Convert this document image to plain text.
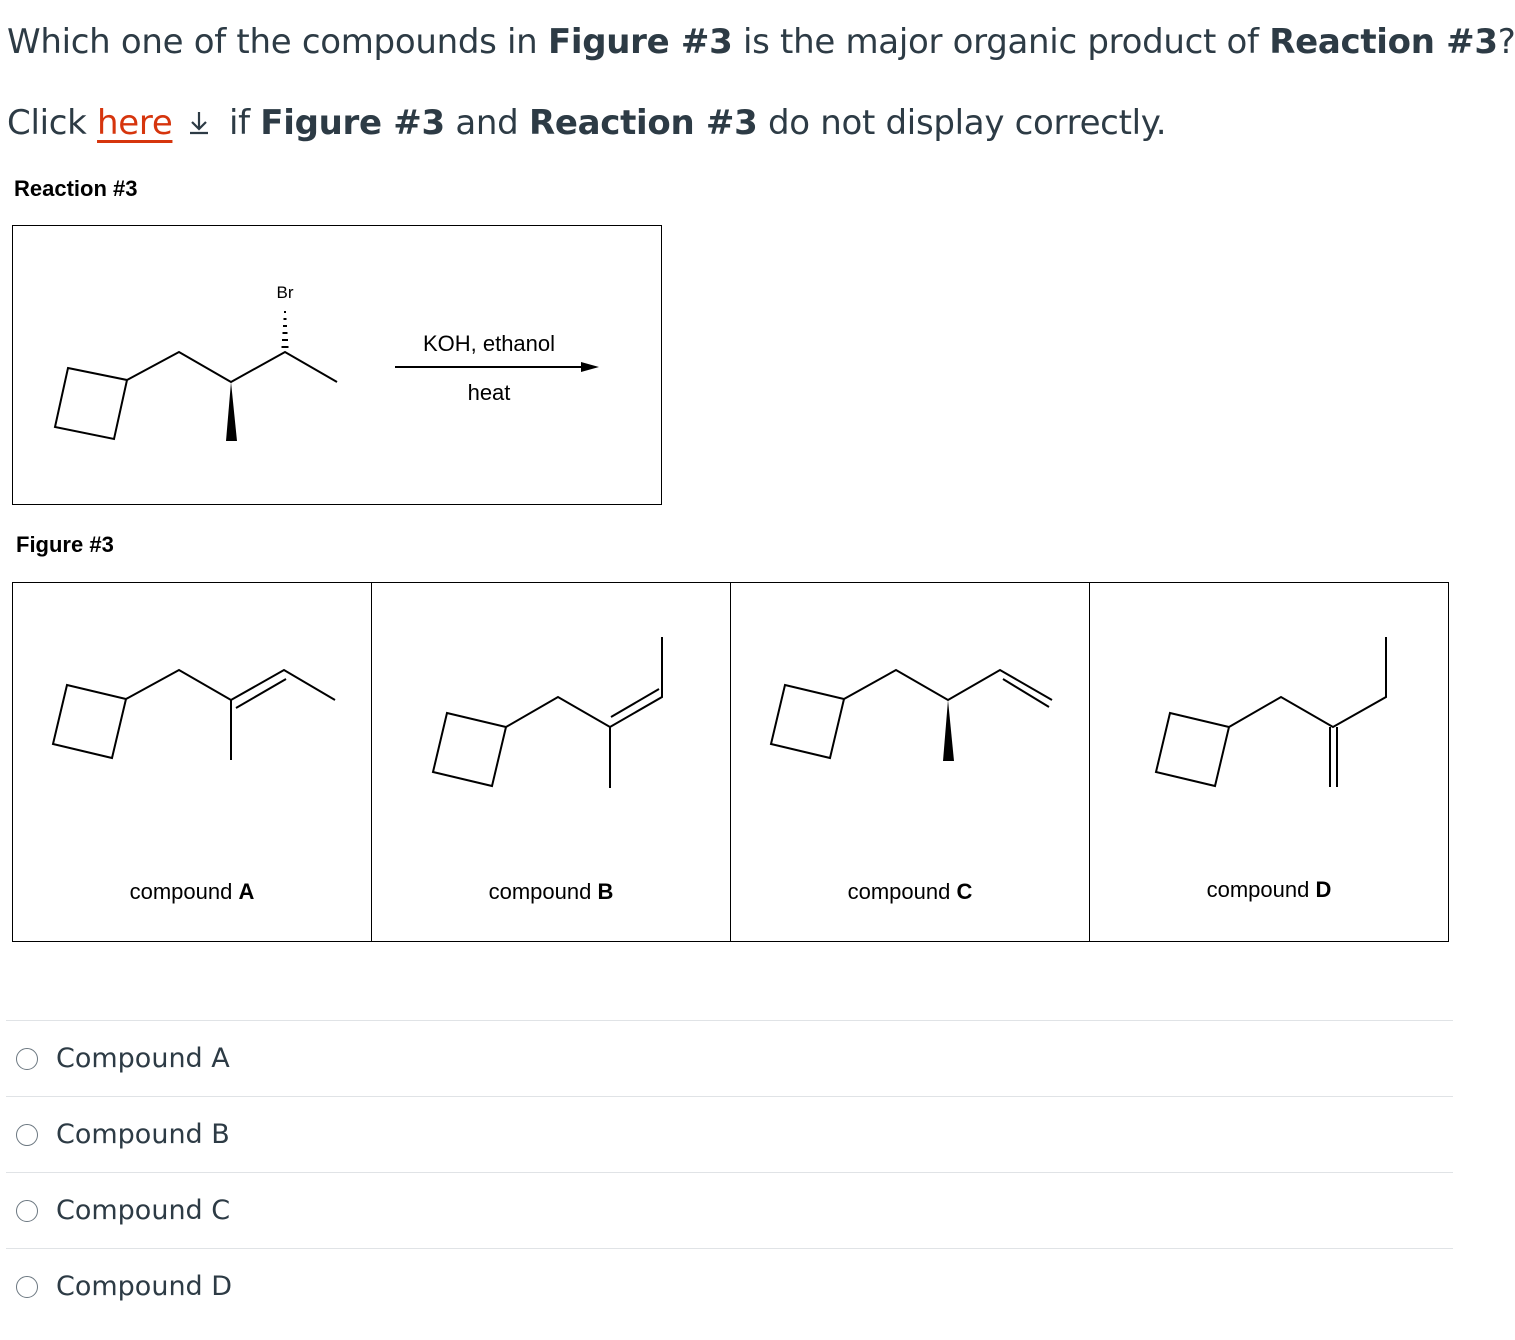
Which one of the compounds in Figure #3 is the major organic product of Reaction #3?
Click here if Figure #3 and Reaction #3 do not display correctly.
Reaction #3
Br
KOH, ethanol
heat
Figure #3
compound A	compound B	compound C	compound D
Compound A
Compound B
Compound C
Compound D
